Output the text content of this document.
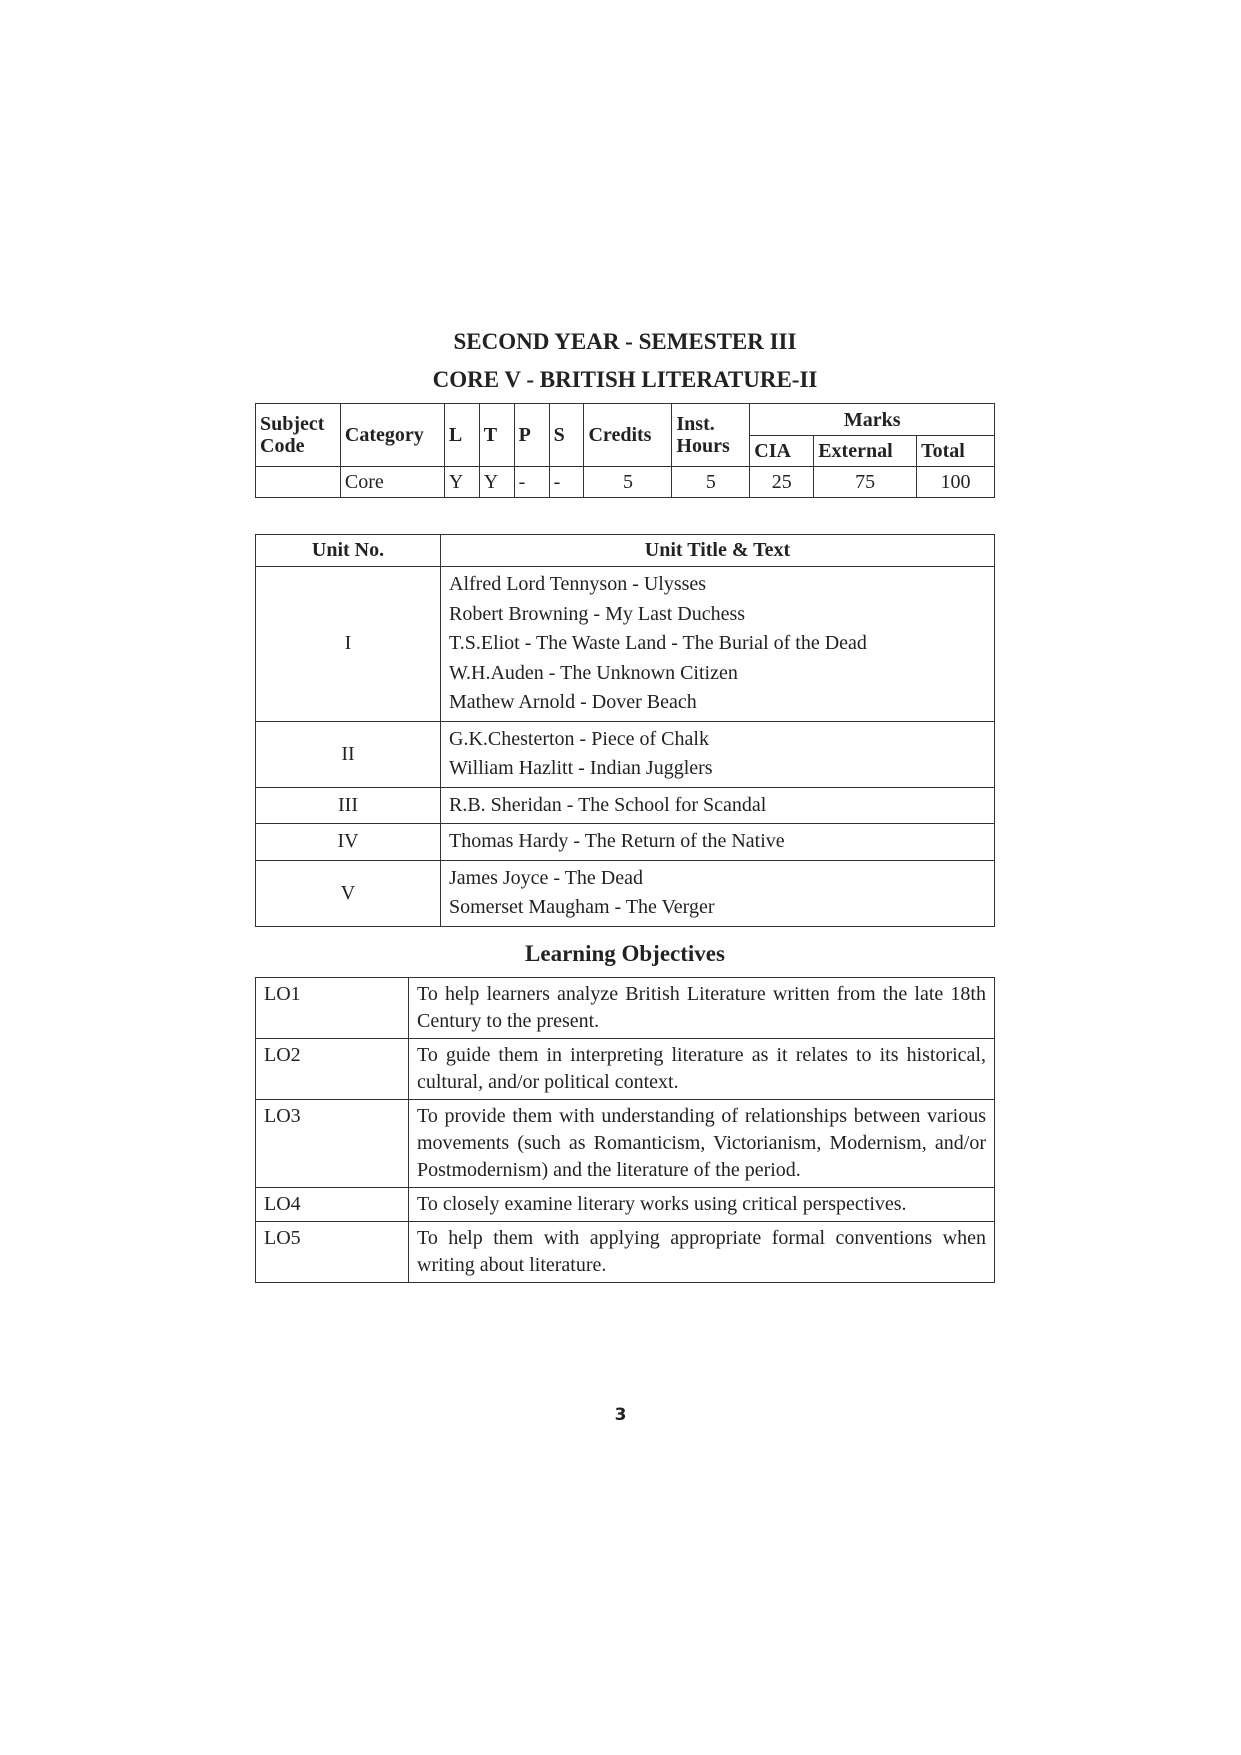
SECOND YEAR - SEMESTER III
CORE V - BRITISH LITERATURE-II
Subject Code	Category	L	T	P	S	Credits	Inst. Hours	Marks		
								CIA	External	Total
	Core	Y	Y	-	-	5	5	25	75	100
Unit No.	Unit Title & Text
I	Alfred Lord Tennyson - Ulysses
Robert Browning - My Last Duchess
T.S.Eliot - The Waste Land - The Burial of the Dead
W.H.Auden - The Unknown Citizen
Mathew Arnold - Dover Beach

II	G.K.Chesterton - Piece of Chalk
William Hazlitt - Indian Jugglers

III	R.B. Sheridan - The School for Scandal

IV	Thomas Hardy - The Return of the Native

V	James Joyce - The Dead
Somerset Maugham - The Verger
Learning Objectives
LO1	To help learners analyze British Literature written from the late 18th Century to the present.
LO2	To guide them in interpreting literature as it relates to its historical, cultural, and/or political context.
LO3	To provide them with understanding of relationships between various movements (such as Romanticism, Victorianism, Modernism, and/or Postmodernism) and the literature of the period.
LO4	To closely examine literary works using critical perspectives.
LO5	To help them with applying appropriate formal conventions when writing about literature.
3
